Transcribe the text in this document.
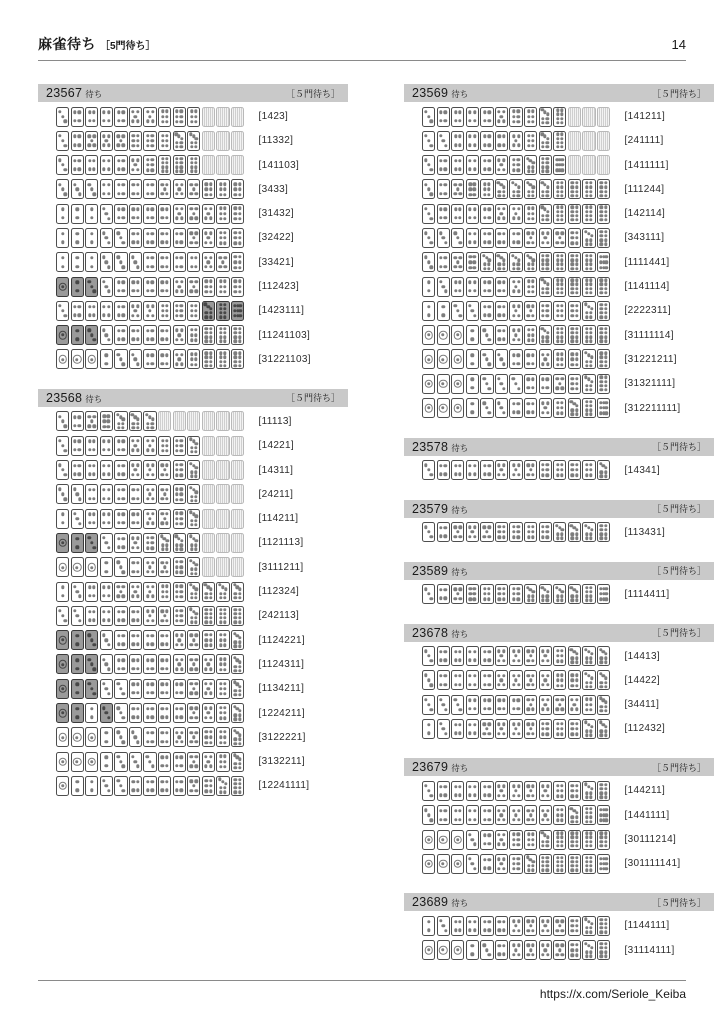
麻雀待ち ［5門待ち］	14
23567 待ち	［５門待ち］
[1423]
[11332]
[141103]
[3433]
[31432]
[32422]
[33421]
[112423]
[1423111]
[11241103]
[31221103]
23568 待ち	［５門待ち］
[11113]
[14221]
[14311]
[24211]
[114211]
[1121113]
[3111211]
[112324]
[242113]
[1124221]
[1124311]
[1134211]
[1224211]
[3122221]
[3132211]
[12241111]
23569 待ち	［５門待ち］
[141211]
[241111]
[1411111]
[111244]
[142114]
[343111]
[1111441]
[1141114]
[2222311]
[31111114]
[31221211]
[31321111]
[312211111]
23578 待ち	［５門待ち］
[14341]
23579 待ち	［５門待ち］
[113431]
23589 待ち	［５門待ち］
[1114411]
23678 待ち	［５門待ち］
[14413]
[14422]
[34411]
[112432]
23679 待ち	［５門待ち］
[144211]
[1441111]
[30111214]
[301111141]
23689 待ち	［５門待ち］
[1144111]
[31114111]
https://x.com/Seriole_Keiba
